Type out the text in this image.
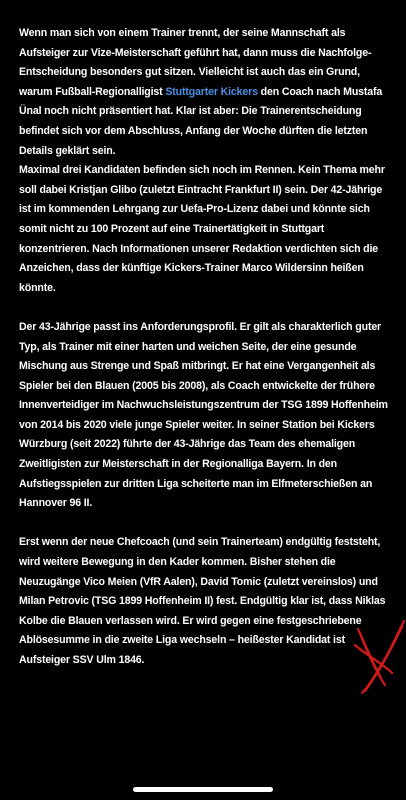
Wenn man sich von einem Trainer trennt, der seine Mannschaft als Aufsteiger zur Vize-Meisterschaft geführt hat, dann muss die Nachfolge-Entscheidung besonders gut sitzen. Vielleicht ist auch das ein Grund, warum Fußball-Regionalligist Stuttgarter Kickers den Coach nach Mustafa Ünal noch nicht präsentiert hat. Klar ist aber: Die Trainerentscheidung befindet sich vor dem Abschluss, Anfang der Woche dürften die letzten Details geklärt sein.

Maximal drei Kandidaten befinden sich noch im Rennen. Kein Thema mehr soll dabei Kristjan Glibo (zuletzt Eintracht Frankfurt II) sein. Der 42-Jährige ist im kommenden Lehrgang zur Uefa-Pro-Lizenz dabei und könnte sich somit nicht zu 100 Prozent auf eine Trainertätigkeit in Stuttgart konzentrieren. Nach Informationen unserer Redaktion verdichten sich die Anzeichen, dass der künftige Kickers-Trainer Marco Wildersinn heißen könnte.

Der 43-Jährige passt ins Anforderungsprofil. Er gilt als charakterlich guter Typ, als Trainer mit einer harten und weichen Seite, der eine gesunde Mischung aus Strenge und Spaß mitbringt. Er hat eine Vergangenheit als Spieler bei den Blauen (2005 bis 2008), als Coach entwickelte der frühere Innenverteidiger im Nachwuchsleistungszentrum der TSG 1899 Hoffenheim von 2014 bis 2020 viele junge Spieler weiter. In seiner Station bei Kickers Würzburg (seit 2022) führte der 43-Jährige das Team des ehemaligen Zweitligisten zur Meisterschaft in der Regionalliga Bayern. In den Aufstiegsspielen zur dritten Liga scheiterte man im Elfmeterschießen an Hannover 96 II.

Erst wenn der neue Chefcoach (und sein Trainerteam) endgültig feststeht, wird weitere Bewegung in den Kader kommen. Bisher stehen die Neuzugänge Vico Meien (VfR Aalen), David Tomic (zuletzt vereinslos) und Milan Petrovic (TSG 1899 Hoffenheim II) fest. Endgültig klar ist, dass Niklas Kolbe die Blauen verlassen wird. Er wird gegen eine festgeschriebene Ablösesumme in die zweite Liga wechseln – heißester Kandidat ist Aufsteiger SSV Ulm 1846.
